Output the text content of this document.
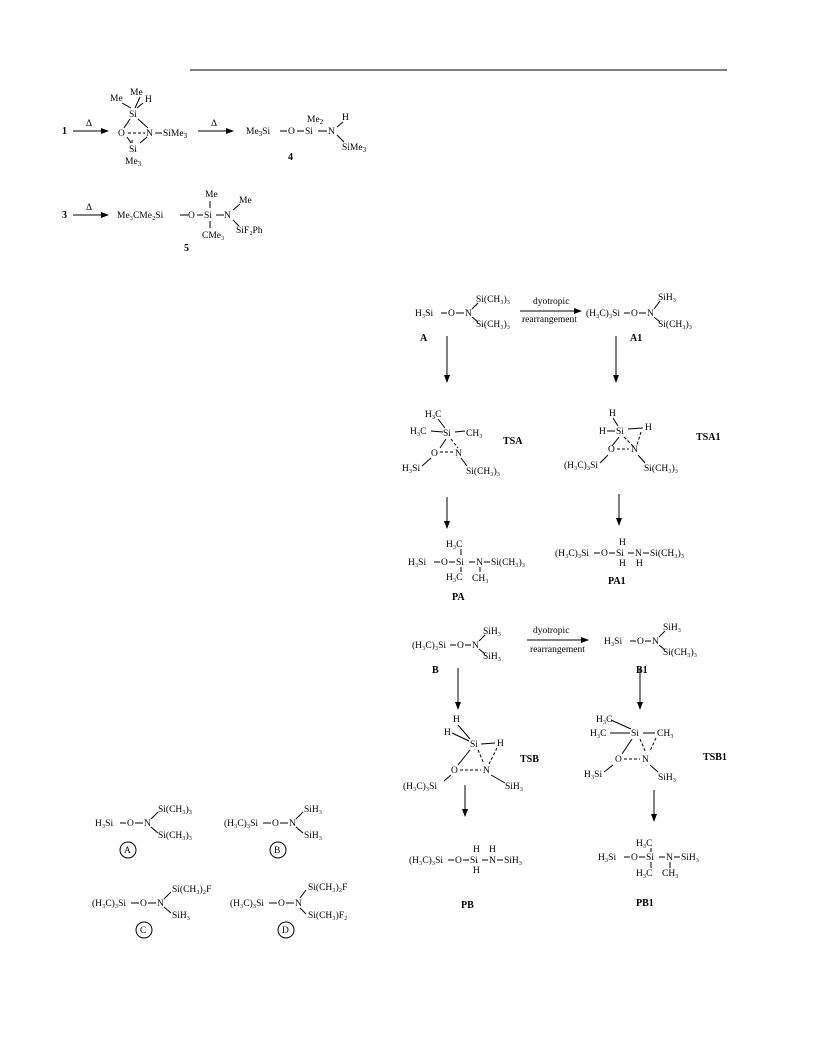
1
Δ
Me
Me
H
Si
O N SiMe$_3$
Si
$Me_3$
Δ
$Me_3Si$ O Si
$Me_2$
N
H
SiMe$_3$
4
3
Δ
Me₃CMe₂Si	O Si
Me
N
Me
CMe₃ SiF₂Ph
5
H₃Si O N
Si(CH₃)₃
Si(CH₃)₃
A
(H₃C)₃Si O N
SiH₃
SiH₃
B
(H₃C)₃Si O N
Si(CH₃)₂F
SiH₃
C
(H₃C)₃Si O N
Si(CH₃)₂F
Si(CH₃)F₂
D
H₃Si O N
Si(CH₃)₃
Si(CH₃)₃
A
dyotropic
rearrangement
(H₃C)₃Si O N
SiH₃
Si(CH₃)₃
A1
H₃C
H₃C Si CH₃
O N
H₃Si	Si(CH₃)₃
TSA
H
H Si H
O N
(H₃C)₃Si	Si(CH₃)₃
TSA1
H₃Si O Si
H₃C
H₃C
N Si(CH₃)₃
CH₃
PA
(H₃C)₃Si O Si
H
H
N
H
Si(CH₃)₃
PA1
(H₃C)₃Si O N
SiH₃
SiH₃
B
dyotropic
rearrangement
H₃Si O N
SiH₃
Si(CH₃)₃
B1
H
H
Si H
O	N
(H₃C)₃Si	SiH₃
TSB
H₃C
H₃C	Si CH₃
O N
H₃Si	SiH₃
TSB1
(H₃C)₃Si O Si
H
H
N
H
SiH₃
PB
H₃Si O Si
H₃C
H₃C
N SiH₃
CH₃
PB1
